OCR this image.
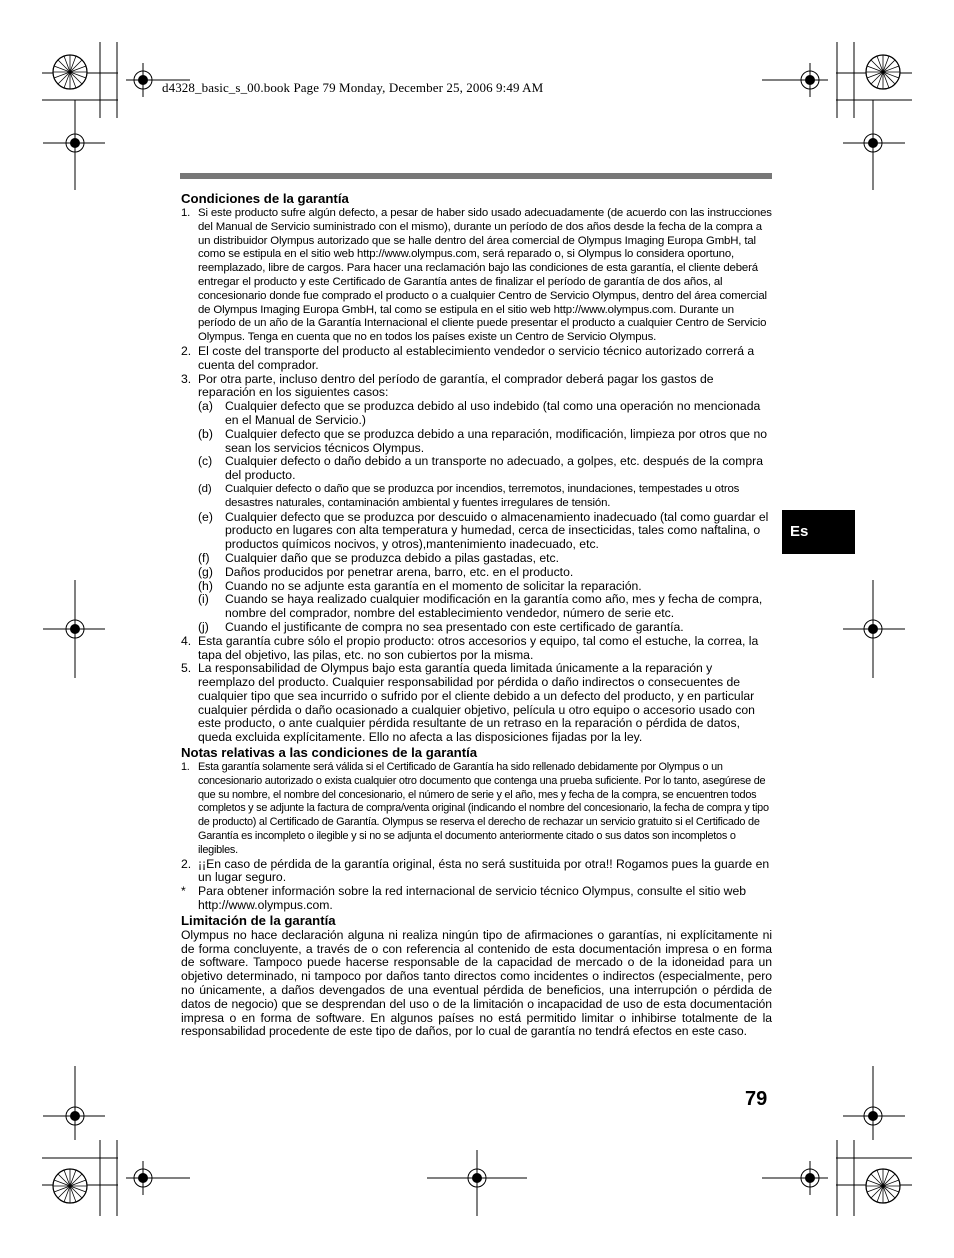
d4328_basic_s_00.book Page 79 Monday, December 25, 2006 9:49 AM
Condiciones de la garantía
1. Si este producto sufre algún defecto, a pesar de haber sido usado adecuadamente (de acuerdo con las instrucciones del Manual de Servicio suministrado con el mismo), durante un período de dos años desde la fecha de la compra a un distribuidor Olympus autorizado que se halle dentro del área comercial de Olympus Imaging Europa GmbH, tal como se estipula en el sitio web http://www.olympus.com, será reparado o, si Olympus lo considera oportuno, reemplazado, libre de cargos. Para hacer una reclamación bajo las condiciones de esta garantía, el cliente deberá entregar el producto y este Certificado de Garantía antes de finalizar el período de garantía de dos años, al concesionario donde fue comprado el producto o a cualquier Centro de Servicio Olympus, dentro del área comercial de Olympus Imaging Europa GmbH, tal como se estipula en el sitio web http://www.olympus.com. Durante un período de un año de la Garantía Internacional el cliente puede presentar el producto a cualquier Centro de Servicio Olympus. Tenga en cuenta que no en todos los países existe un Centro de Servicio Olympus.
2. El coste del transporte del producto al establecimiento vendedor o servicio técnico autorizado correrá a cuenta del comprador.
3. Por otra parte, incluso dentro del período de garantía, el comprador deberá pagar los gastos de reparación en los siguientes casos:
(a) Cualquier defecto que se produzca debido al uso indebido (tal como una operación no mencionada en el Manual de Servicio.)
(b) Cualquier defecto que se produzca debido a una reparación, modificación, limpieza por otros que no sean los servicios técnicos Olympus.
(c) Cualquier defecto o daño debido a un transporte no adecuado, a golpes, etc. después de la compra del producto.
(d) Cualquier defecto o daño que se produzca por incendios, terremotos, inundaciones, tempestades u otros desastres naturales, contaminación ambiental y fuentes irregulares de tensión.
(e) Cualquier defecto que se produzca por descuido o almacenamiento inadecuado (tal como guardar el producto en lugares con alta temperatura y humedad, cerca de insecticidas, tales como naftalina, o productos químicos nocivos, y otros),mantenimiento inadecuado, etc.
(f) Cualquier daño que se produzca debido a pilas gastadas, etc.
(g) Daños producidos por penetrar arena, barro, etc. en el producto.
(h) Cuando no se adjunte esta garantía en el momento de solicitar la reparación.
(i) Cuando se haya realizado cualquier modificación en la garantía como año, mes y fecha de compra, nombre del comprador, nombre del establecimiento vendedor, número de serie etc.
(j) Cuando el justificante de compra no sea presentado con este certificado de garantía.
4. Esta garantía cubre sólo el propio producto: otros accesorios y equipo, tal como el estuche, la correa, la tapa del objetivo, las pilas, etc. no son cubiertos por la misma.
5. La responsabilidad de Olympus bajo esta garantía queda limitada únicamente a la reparación y reemplazo del producto. Cualquier responsabilidad por pérdida o daño indirectos o consecuentes de cualquier tipo que sea incurrido o sufrido por el cliente debido a un defecto del producto, y en particular cualquier pérdida o daño ocasionado a cualquier objetivo, película u otro equipo o accesorio usado con este producto, o ante cualquier pérdida resultante de un retraso en la reparación o pérdida de datos, queda excluida explícitamente. Ello no afecta a las disposiciones fijadas por la ley.
Notas relativas a las condiciones de la garantía
1. Esta garantía solamente será válida si el Certificado de Garantía ha sido rellenado debidamente por Olympus o un concesionario autorizado o exista cualquier otro documento que contenga una prueba suficiente. Por lo tanto, asegúrese de que su nombre, el nombre del concesionario, el número de serie y el año, mes y fecha de la compra, se encuentren todos completos y se adjunte la factura de compra/venta original (indicando el nombre del concesionario, la fecha de compra y tipo de producto) al Certificado de Garantía. Olympus se reserva el derecho de rechazar un servicio gratuito si el Certificado de Garantía es incompleto o ilegible y si no se adjunta el documento anteriormente citado o sus datos son incompletos o ilegibles.
2. ¡¡En caso de pérdida de la garantía original, ésta no será sustituida por otra!! Rogamos pues la guarde en un lugar seguro.
* Para obtener información sobre la red internacional de servicio técnico Olympus, consulte el sitio web http://www.olympus.com.
Limitación de la garantía

Olympus no hace declaración alguna ni realiza ningún tipo de afirmaciones o garantías, ni explícitamente ni de forma concluyente, a través de o con referencia al contenido de esta documentación impresa o en forma de software. Tampoco puede hacerse responsable de la capacidad de mercado o de la idoneidad para un objetivo determinado, ni tampoco por daños tanto directos como incidentes o indirectos (especialmente, pero no únicamente, a daños devengados de una eventual pérdida de beneficios, una interrupción o pérdida de datos de negocio) que se desprendan del uso o de la limitación o incapacidad de uso de esta documentación impresa o en forma de software. En algunos países no está permitido limitar o inhibirse totalmente de la responsabilidad procedente de este tipo de daños, por lo cual de garantía no tendrá efectos en este caso.

Es
79
